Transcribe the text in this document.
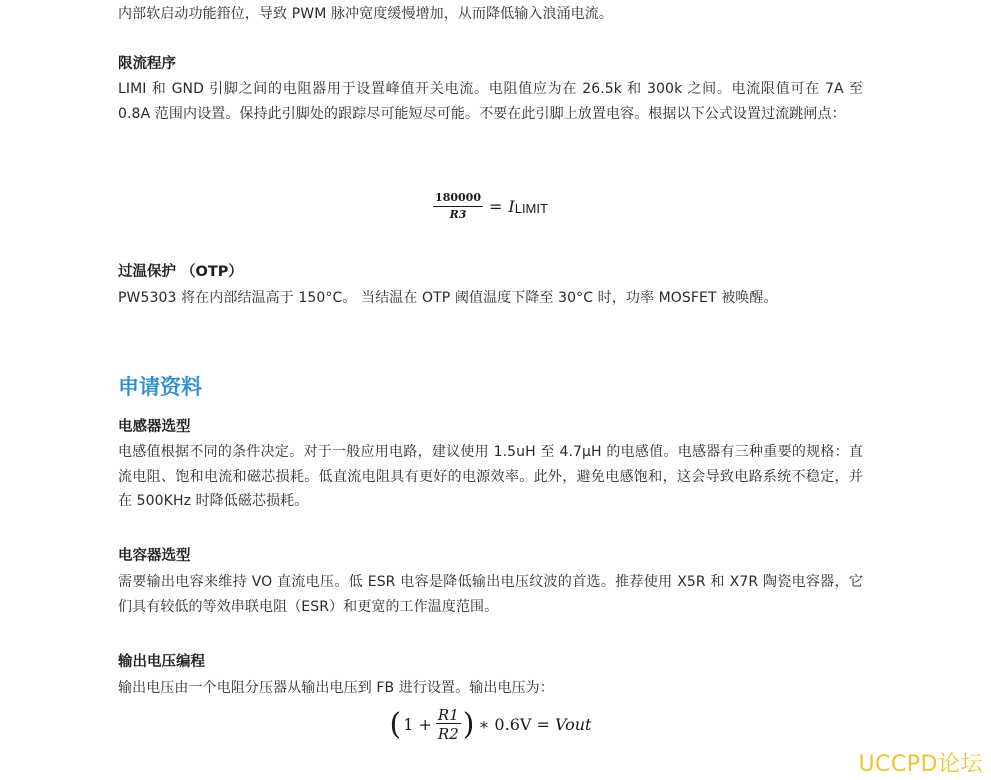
内部软启动功能箝位，导致 PWM 脉冲宽度缓慢增加，从而降低输入浪涌电流。

限流程序

LIMI 和 GND 引脚之间的电阻器用于设置峰值开关电流。电阻值应为在 26.5k 和 300k 之间。电流限值可在 7A 至 0.8A 范围内设置。保持此引脚处的跟踪尽可能短尽可能。不要在此引脚上放置电容。根据以下公式设置过流跳闸点：

$\frac{180000}{R3} = I$ LIMIT
过温保护 （OTP）

PW5303 将在内部结温高于 150°C。 当结温在 OTP 阈值温度下降至 30°C 时，功率 MOSFET 被唤醒。

申请资料
电感器选型

电感值根据不同的条件决定。对于一般应用电路，建议使用 1.5uH 至 4.7μH 的电感值。电感器有三种重要的规格：直流电阻、饱和电流和磁芯损耗。低直流电阻具有更好的电源效率。此外，避免电感饱和，这会导致电路系统不稳定，并在 500KHz 时降低磁芯损耗。

电容器选型

需要输出电容来维持 VO 直流电压。低 ESR 电容是降低输出电压纹波的首选。推荐使用 X5R 和 X7R 陶瓷电容器，它们具有较低的等效串联电阻（ESR）和更宽的工作温度范围。

输出电压编程

输出电压由一个电阻分压器从输出电压到 FB 进行设置。输出电压为：

( $1 + \frac{R1}{R2}$ ) ∗ 0.6V = Vout
UCCPD论坛
